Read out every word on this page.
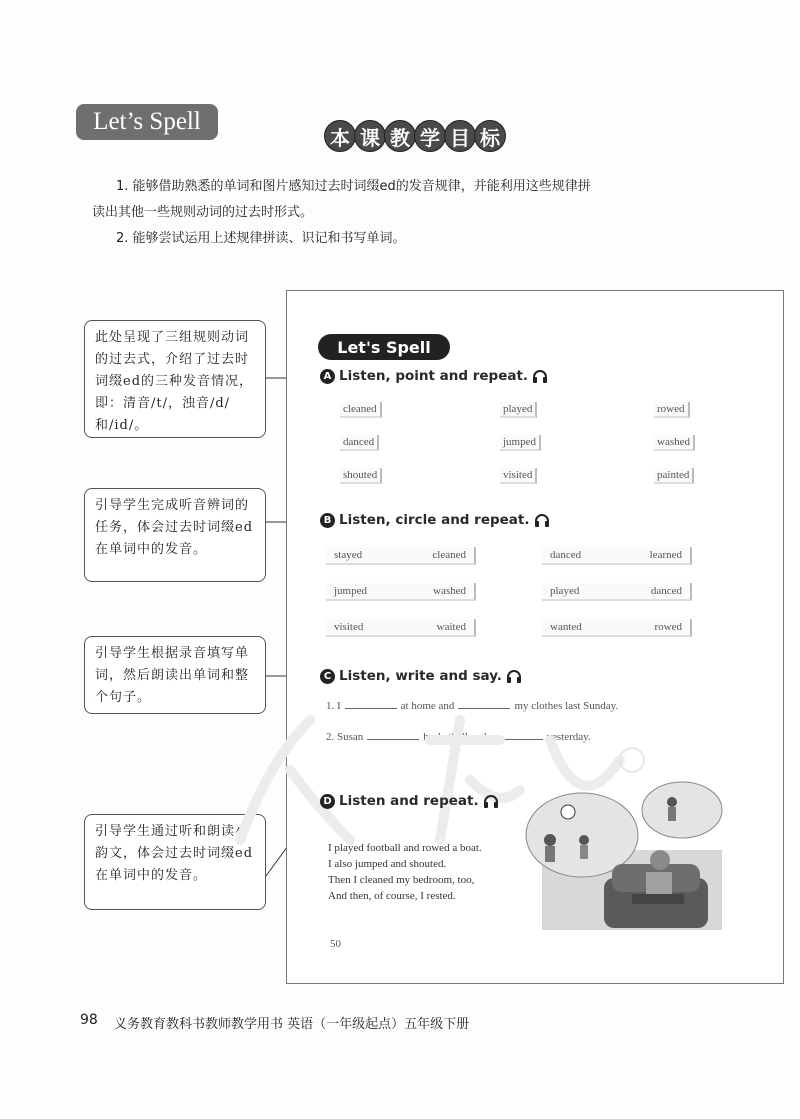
Let’s Spell
本 课 教 学 目 标
1. 能够借助熟悉的单词和图片感知过去时词缀ed的发音规律，并能利用这些规律拼
读出其他一些规则动词的过去时形式。
2. 能够尝试运用上述规律拼读、识记和书写单词。
此处呈现了三组规则动词的过去式，介绍了过去时词缀ed的三种发音情况，即：清音/t/，浊音/d/和/id/。
引导学生完成听音辨词的任务，体会过去时词缀ed在单词中的发音。
引导学生根据录音填写单词，然后朗读出单词和整个句子。
引导学生通过听和朗读小韵文，体会过去时词缀ed在单词中的发音。
Let's Spell
A Listen, point and repeat.
cleaned	played	rowed
danced	jumped	washed
shouted	visited	painted
B Listen, circle and repeat.
stayed	cleaned	danced	learned
jumped	washed	played	danced
visited	waited	wanted	rowed
C Listen, write and say.
1. I	at home and	my clothes last Sunday.
2. Susan	basketball and	yesterday.
D Listen and repeat.
I played football and rowed a boat.
I also jumped and shouted.
Then I cleaned my bedroom, too,
And then, of course, I rested.
50
98 义务教育教科书教师教学用书 英语（一年级起点）五年级下册
